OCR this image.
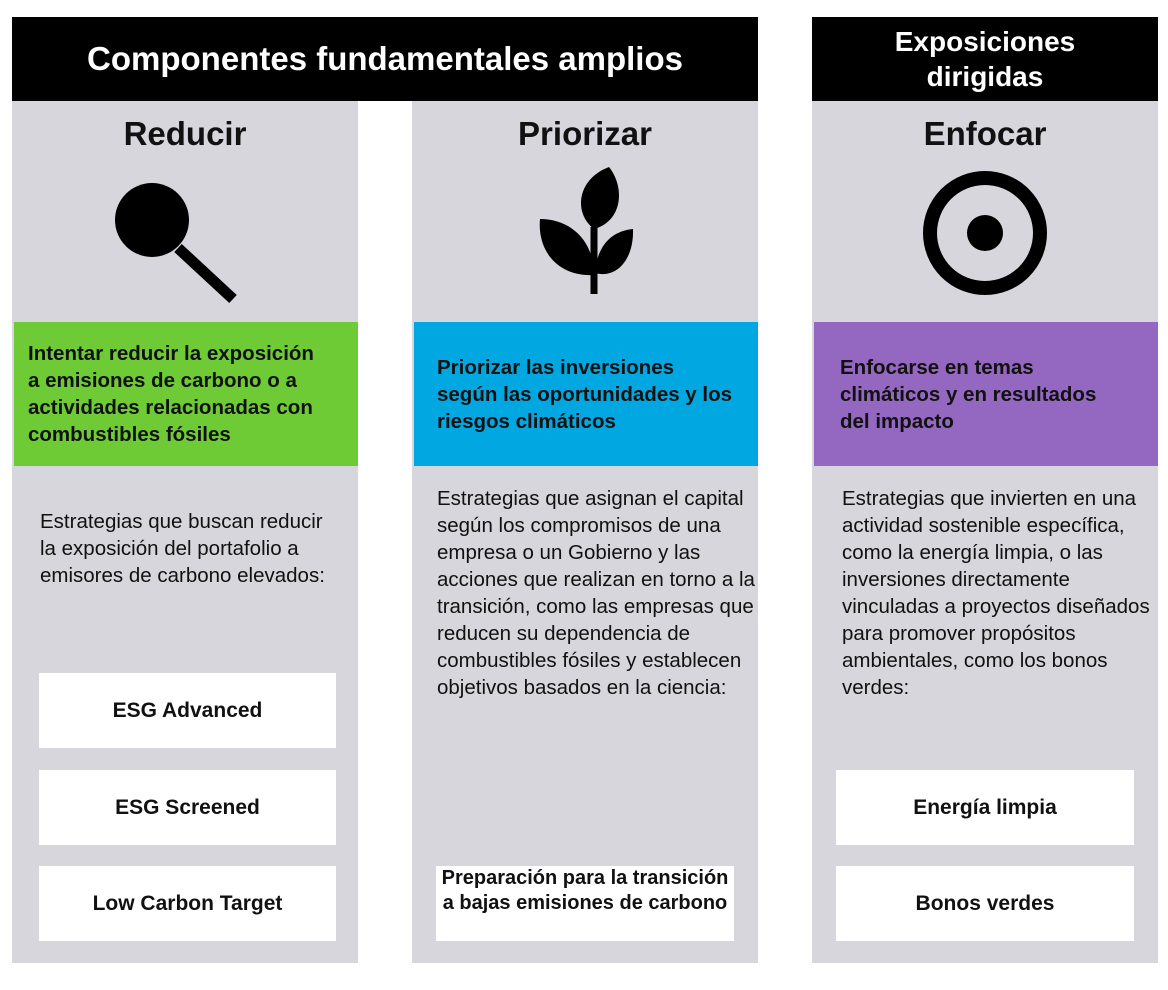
Componentes fundamentales amplios	Exposiciones
dirigidas
Reducir
Intentar reducir la exposición a emisiones de carbono o a actividades relacionadas con combustibles fósiles
Estrategias que buscan reducir la exposición del portafolio a emisores de carbono elevados:
ESG Advanced
ESG Screened
Low Carbon Target
Priorizar
Priorizar las inversiones según las oportunidades y los riesgos climáticos
Estrategias que asignan el capital según los compromisos de una empresa o un Gobierno y las acciones que realizan en torno a la transición, como las empresas que reducen su dependencia de combustibles fósiles y establecen objetivos basados en la ciencia:
Preparación para la transición a bajas emisiones de carbono
Enfocar
Enfocarse en temas climáticos y en resultados del impacto
Estrategias que invierten en una actividad sostenible específica, como la energía limpia, o las inversiones directamente vinculadas a proyectos diseñados para promover propósitos ambientales, como los bonos verdes:
Energía limpia
Bonos verdes
